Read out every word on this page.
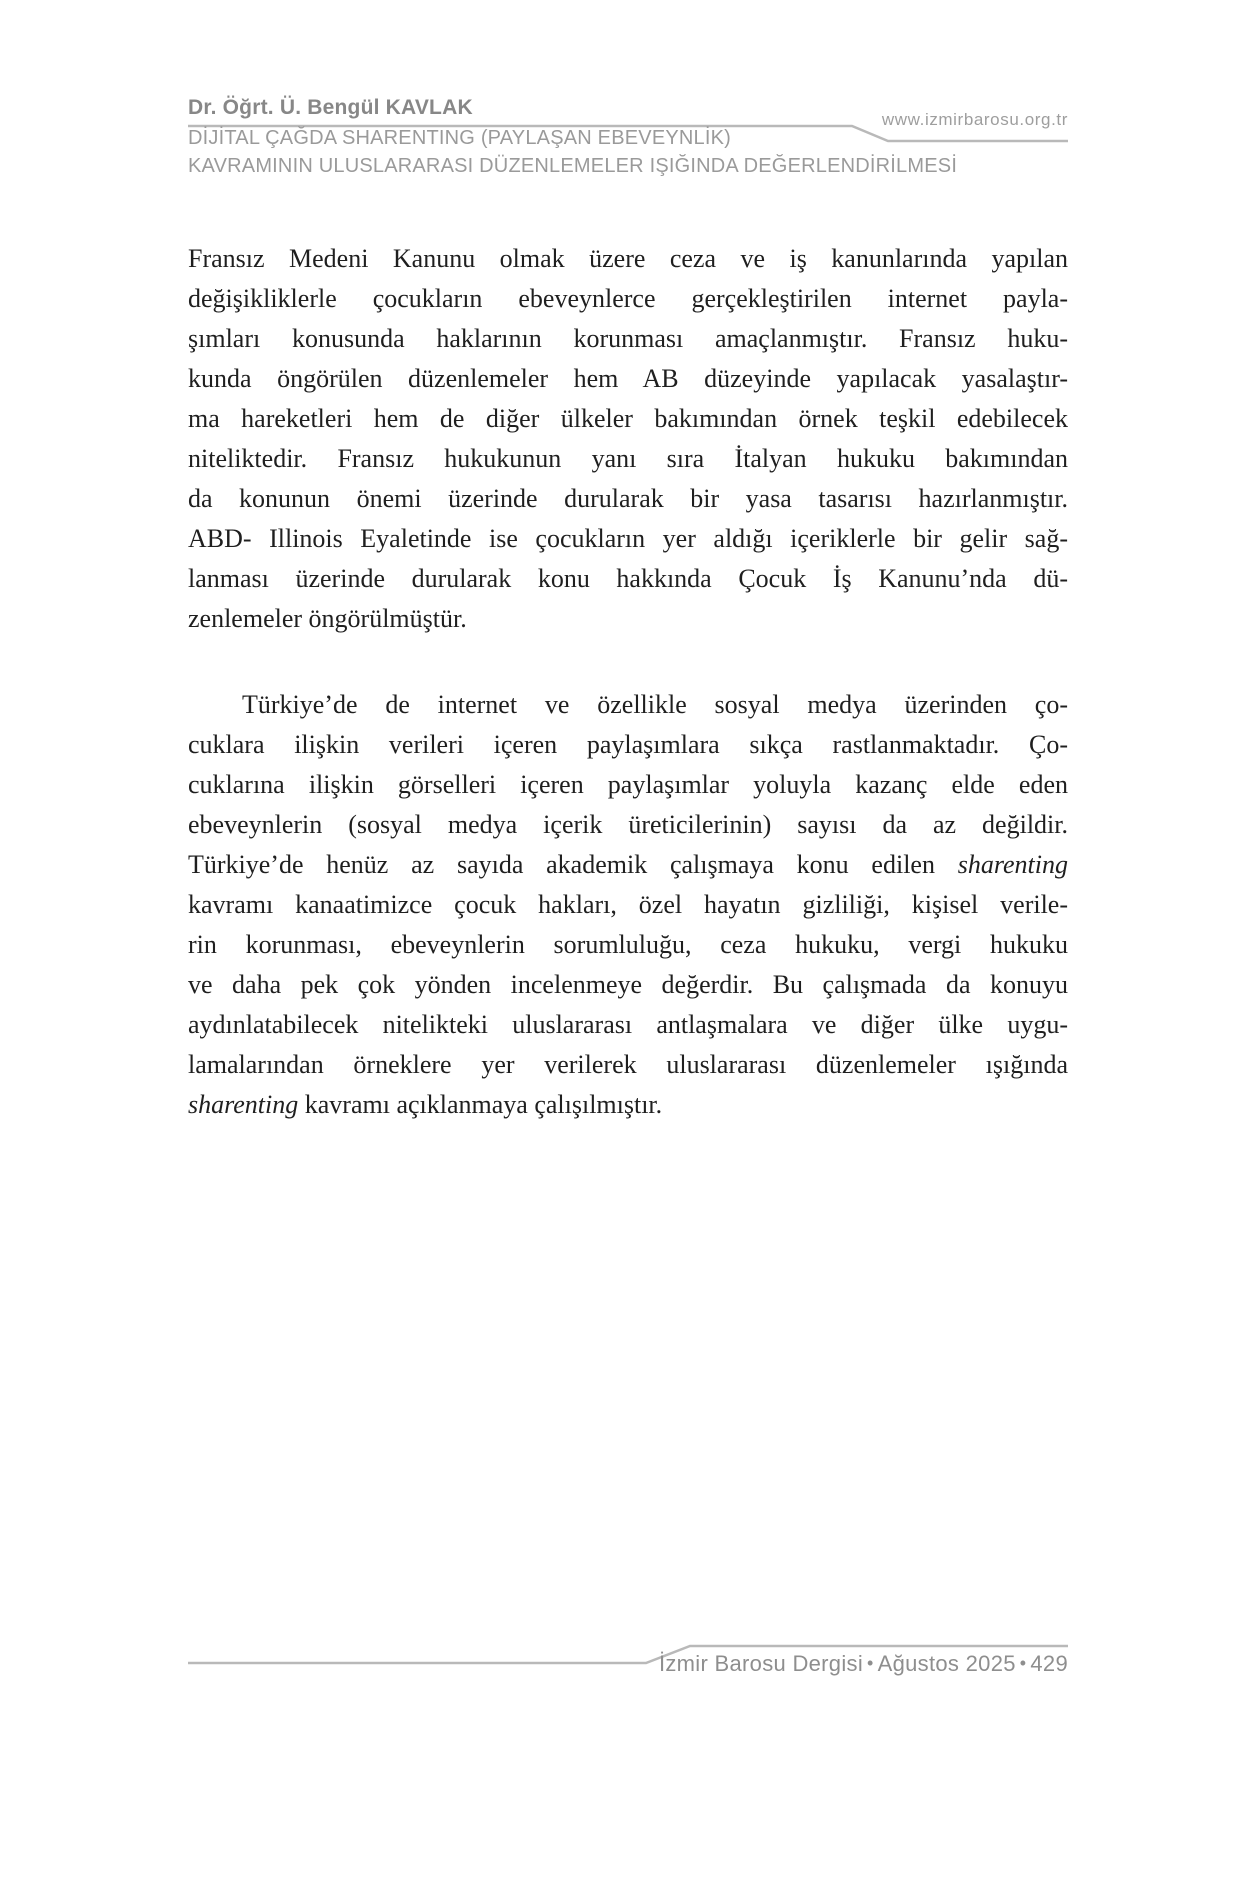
Dr. Öğrt. Ü. Bengül KAVLAK
www.izmirbarosu.org.tr
DİJİTAL ÇAĞDA SHARENTING (PAYLAŞAN EBEVEYNLİK)
KAVRAMININ ULUSLARARASI DÜZENLEMELER IŞIĞINDA DEĞERLENDİRİLMESİ
Fransız Medeni Kanunu olmak üzere ceza ve iş kanunlarında yapılan
değişikliklerle çocukların ebeveynlerce gerçekleştirilen internet payla-
şımları konusunda haklarının korunması amaçlanmıştır. Fransız huku-
kunda öngörülen düzenlemeler hem AB düzeyinde yapılacak yasalaştır-
ma hareketleri hem de diğer ülkeler bakımından örnek teşkil edebilecek
niteliktedir. Fransız hukukunun yanı sıra İtalyan hukuku bakımından
da konunun önemi üzerinde durularak bir yasa tasarısı hazırlanmıştır.
ABD- Illinois Eyaletinde ise çocukların yer aldığı içeriklerle bir gelir sağ-
lanması üzerinde durularak konu hakkında Çocuk İş Kanunu’nda dü-
zenlemeler öngörülmüştür.
Türkiye’de de internet ve özellikle sosyal medya üzerinden ço-
cuklara ilişkin verileri içeren paylaşımlara sıkça rastlanmaktadır. Ço-
cuklarına ilişkin görselleri içeren paylaşımlar yoluyla kazanç elde eden
ebeveynlerin (sosyal medya içerik üreticilerinin) sayısı da az değildir.
Türkiye’de henüz az sayıda akademik çalışmaya konu edilen sharenting
kavramı kanaatimizce çocuk hakları, özel hayatın gizliliği, kişisel verile-
rin korunması, ebeveynlerin sorumluluğu, ceza hukuku, vergi hukuku
ve daha pek çok yönden incelenmeye değerdir. Bu çalışmada da konuyu
aydınlatabilecek nitelikteki uluslararası antlaşmalara ve diğer ülke uygu-
lamalarından örneklere yer verilerek uluslararası düzenlemeler ışığında
sharenting kavramı açıklanmaya çalışılmıştır.
İzmir Barosu Dergisi • Ağustos 2025 • 429
